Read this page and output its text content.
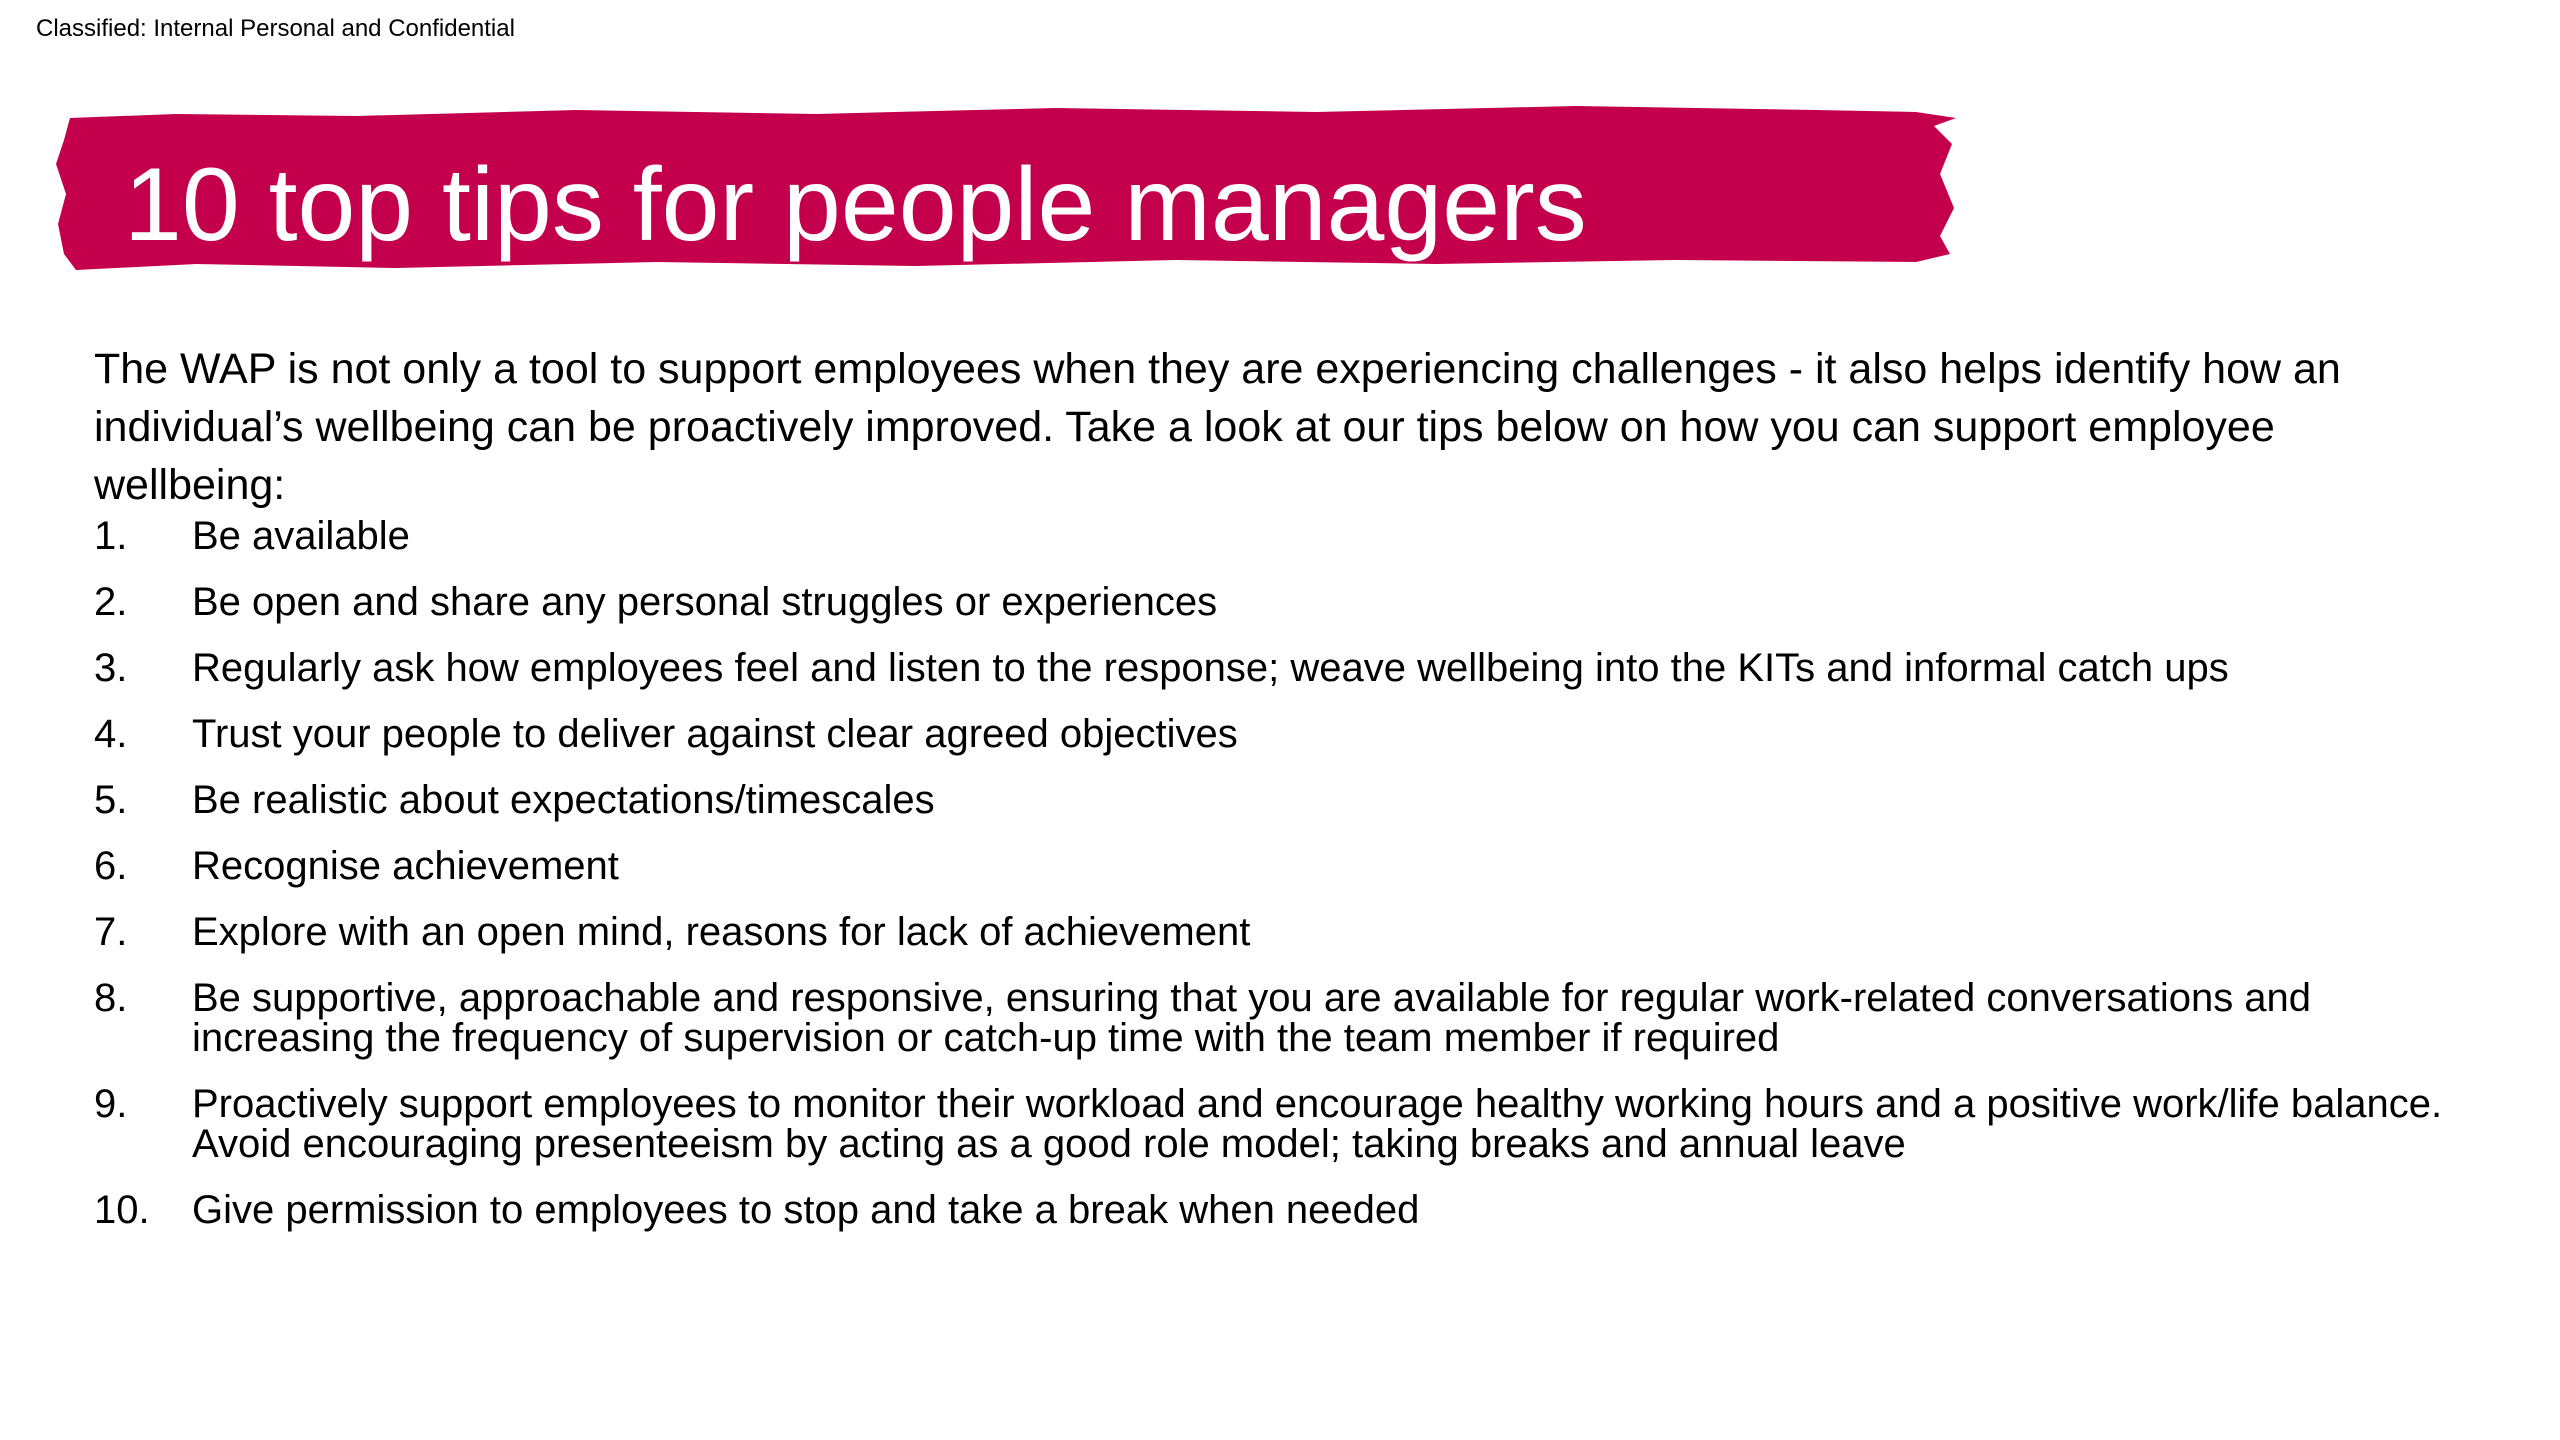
Classified: Internal Personal and Confidential
10 top tips for people managers
The WAP is not only a tool to support employees when they are experiencing challenges - it also helps identify how an individual’s wellbeing can be proactively improved. Take a look at our tips below on how you can support employee wellbeing:
1.	Be available
2.	Be open and share any personal struggles or experiences
3.	Regularly ask how employees feel and listen to the response; weave wellbeing into the KITs and informal catch ups
4.	Trust your people to deliver against clear agreed objectives
5.	Be realistic about expectations/timescales
6.	Recognise achievement
7.	Explore with an open mind, reasons for lack of achievement
8.	Be supportive, approachable and responsive, ensuring that you are available for regular work-related conversations and increasing the frequency of supervision or catch-up time with the team member if required
9.	Proactively support employees to monitor their workload and encourage healthy working hours and a positive work/life balance. Avoid encouraging presenteeism by acting as a good role model; taking breaks and annual leave
10.	Give permission to employees to stop and take a break when needed
